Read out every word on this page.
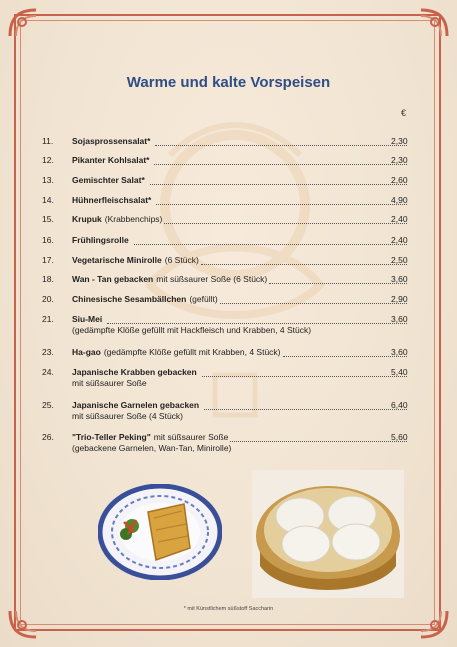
Warme und kalte Vorspeisen
€
11. Sojasprossensalat*	2,30
12. Pikanter Kohlsalat*	2,30
13. Gemischter Salat*	2,60
14. Hühnerfleischsalat*	4,90
15. Krupuk (Krabbenchips)	2,40
16. Frühlingsrolle	2,40
17. Vegetarische Minirolle (6 Stück)	2,50
18. Wan - Tan gebacken mit süßsaurer Soße (6 Stück)	3,60
20. Chinesische Sesambällchen (gefüllt)	2,90
21. Siu-Mei	3,60
(gedämpfte Klöße gefüllt mit Hackfleisch und Krabben, 4 Stück)
23. Ha-gao (gedämpfte Klöße gefüllt mit Krabben, 4 Stück)	3,60
24. Japanische Krabben gebacken	5,40
mit süßsaurer Soße
25. Japanische Garnelen gebacken	6,40
mit süßsaurer Soße (4 Stück)
26. "Trio-Teller Peking" mit süßsaurer Soße	5,60
(gebackene Garnelen, Wan-Tan, Minirolle)
* mit Künstlichem süßstoff Saccharin
